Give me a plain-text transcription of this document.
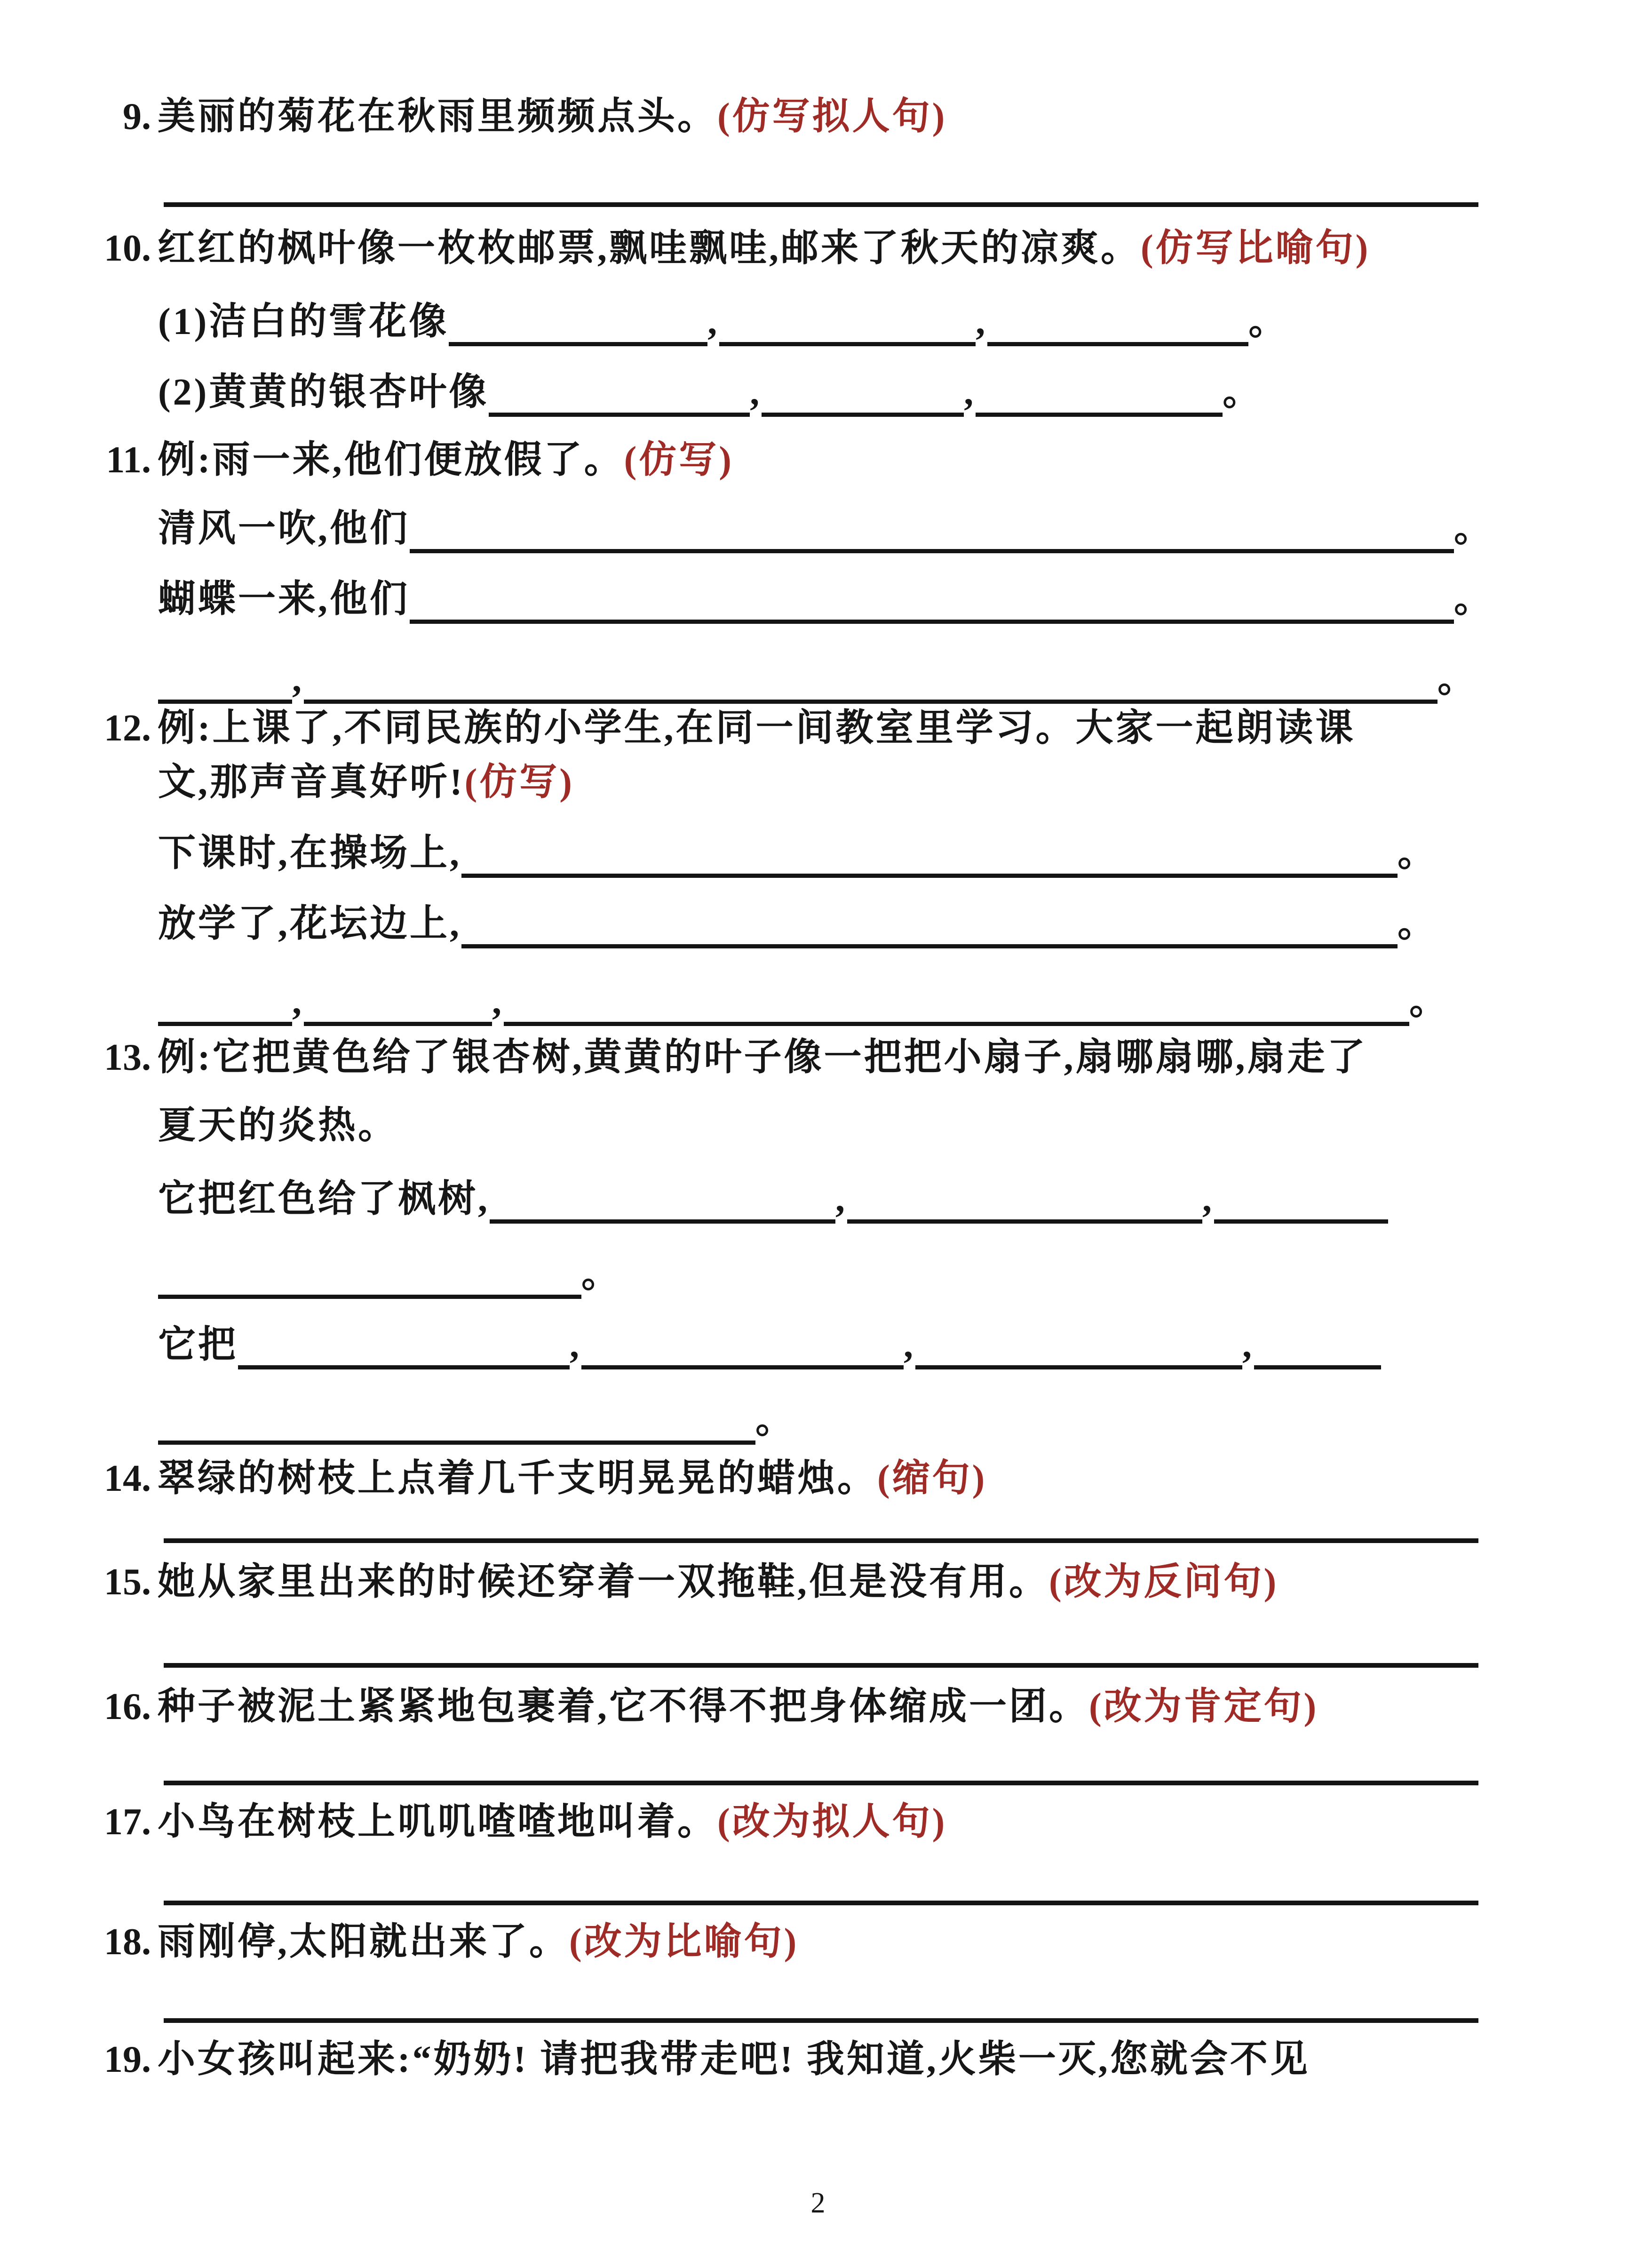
9. 美丽的菊花在秋雨里频频点头。(仿写拟人句)
10. 红红的枫叶像一枚枚邮票,飘哇飘哇,邮来了秋天的凉爽。(仿写比喻句)
(1)洁白的雪花像	,	,	。
(2)黄黄的银杏叶像	,	,	。
11. 例:雨一来,他们便放假了。(仿写)
清风一吹,他们	。
蝴蝶一来,他们	。
,	。
12. 例:上课了,不同民族的小学生,在同一间教室里学习。大家一起朗读课
文,那声音真好听!(仿写)
下课时,在操场上,	。
放学了,花坛边上,	。
,	,	。
13. 例:它把黄色给了银杏树,黄黄的叶子像一把把小扇子,扇哪扇哪,扇走了
夏天的炎热。
它把红色给了枫树,	,	,
。
它把	,	,	,
。
14. 翠绿的树枝上点着几千支明晃晃的蜡烛。(缩句)
15. 她从家里出来的时候还穿着一双拖鞋,但是没有用。(改为反问句)
16. 种子被泥土紧紧地包裹着,它不得不把身体缩成一团。(改为肯定句)
17. 小鸟在树枝上叽叽喳喳地叫着。(改为拟人句)
18. 雨刚停,太阳就出来了。(改为比喻句)
19. 小女孩叫起来:“奶奶! 请把我带走吧! 我知道,火柴一灭,您就会不见
2
